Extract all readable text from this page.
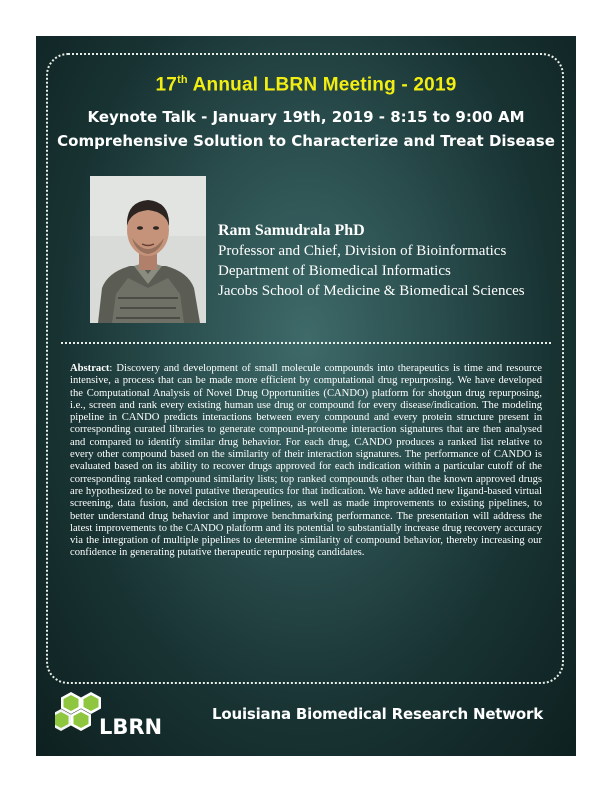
17th Annual LBRN Meeting - 2019
Keynote Talk - January 19th, 2019 - 8:15 to 9:00 AM
Comprehensive Solution to Characterize and Treat Disease
Ram Samudrala PhD
Professor and Chief, Division of Bioinformatics
Department of Biomedical Informatics
Jacobs School of Medicine & Biomedical Sciences
Abstract: Discovery and development of small molecule compounds into therapeutics is time and resource intensive, a process that can be made more efficient by computational drug repurposing. We have developed the Computational Analysis of Novel Drug Opportunities (CANDO) platform for shotgun drug repurposing, i.e., screen and rank every existing human use drug or compound for every disease/indication. The modeling pipeline in CANDO predicts interactions between every compound and every protein structure present in corresponding curated libraries to generate compound-proteome interaction signatures that are then analysed and compared to identify similar drug behavior. For each drug, CANDO produces a ranked list relative to every other compound based on the similarity of their interaction signatures. The performance of CANDO is evaluated based on its ability to recover drugs approved for each indication within a particular cutoff of the corresponding ranked compound similarity lists; top ranked compounds other than the known approved drugs are hypothesized to be novel putative therapeutics for that indication. We have added new ligand-based virtual screening, data fusion, and decision tree pipelines, as well as made improvements to existing pipelines, to better understand drug behavior and improve benchmarking performance. The presentation will address the latest improvements to the CANDO platform and its potential to substantially increase drug recovery accuracy via the integration of multiple pipelines to determine similarity of compound behavior, thereby increasing our confidence in generating putative therapeutic repurposing candidates.
LBRN
Louisiana Biomedical Research Network
